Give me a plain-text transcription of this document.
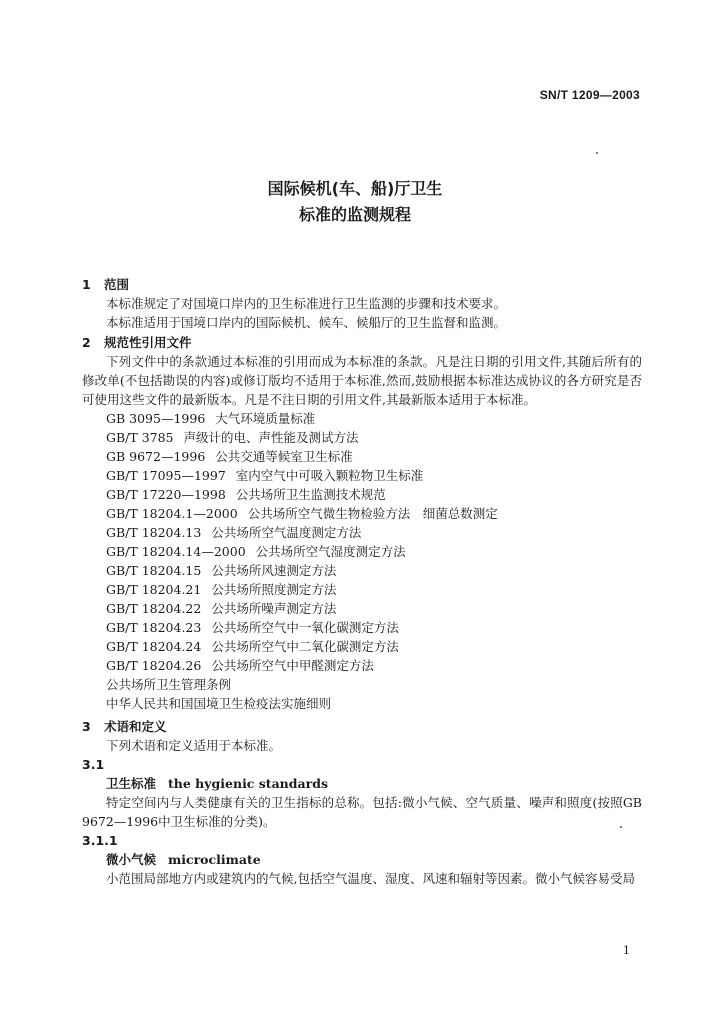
SN/T 1209—2003
国际候机(车、船)厅卫生
标准的监测规程
1 范围
本标准规定了对国境口岸内的卫生标准进行卫生监测的步骤和技术要求。
本标准适用于国境口岸内的国际候机、候车、候船厅的卫生监督和监测。
2 规范性引用文件
下列文件中的条款通过本标准的引用而成为本标准的条款。凡是注日期的引用文件,其随后所有的修改单(不包括勘误的内容)或修订版均不适用于本标准,然而,鼓励根据本标准达成协议的各方研究是否可使用这些文件的最新版本。凡是不注日期的引用文件,其最新版本适用于本标准。
GB 3095—1996 大气环境质量标准
GB/T 3785 声级计的电、声性能及测试方法
GB 9672—1996 公共交通等候室卫生标准
GB/T 17095—1997 室内空气中可吸入颗粒物卫生标准
GB/T 17220—1998 公共场所卫生监测技术规范
GB/T 18204.1—2000 公共场所空气微生物检验方法　细菌总数测定
GB/T 18204.13 公共场所空气温度测定方法
GB/T 18204.14—2000 公共场所空气湿度测定方法
GB/T 18204.15 公共场所风速测定方法
GB/T 18204.21 公共场所照度测定方法
GB/T 18204.22 公共场所噪声测定方法
GB/T 18204.23 公共场所空气中一氧化碳测定方法
GB/T 18204.24 公共场所空气中二氧化碳测定方法
GB/T 18204.26 公共场所空气中甲醛测定方法
公共场所卫生管理条例
中华人民共和国国境卫生检疫法实施细则
3 术语和定义
下列术语和定义适用于本标准。
3.1
卫生标准 the hygienic standards
特定空间内与人类健康有关的卫生指标的总称。包括:微小气候、空气质量、噪声和照度(按照GB 9672—1996中卫生标准的分类)。
3.1.1
微小气候 microclimate
小范围局部地方内或建筑内的气候,包括空气温度、湿度、风速和辐射等因素。微小气候容易受局
1
